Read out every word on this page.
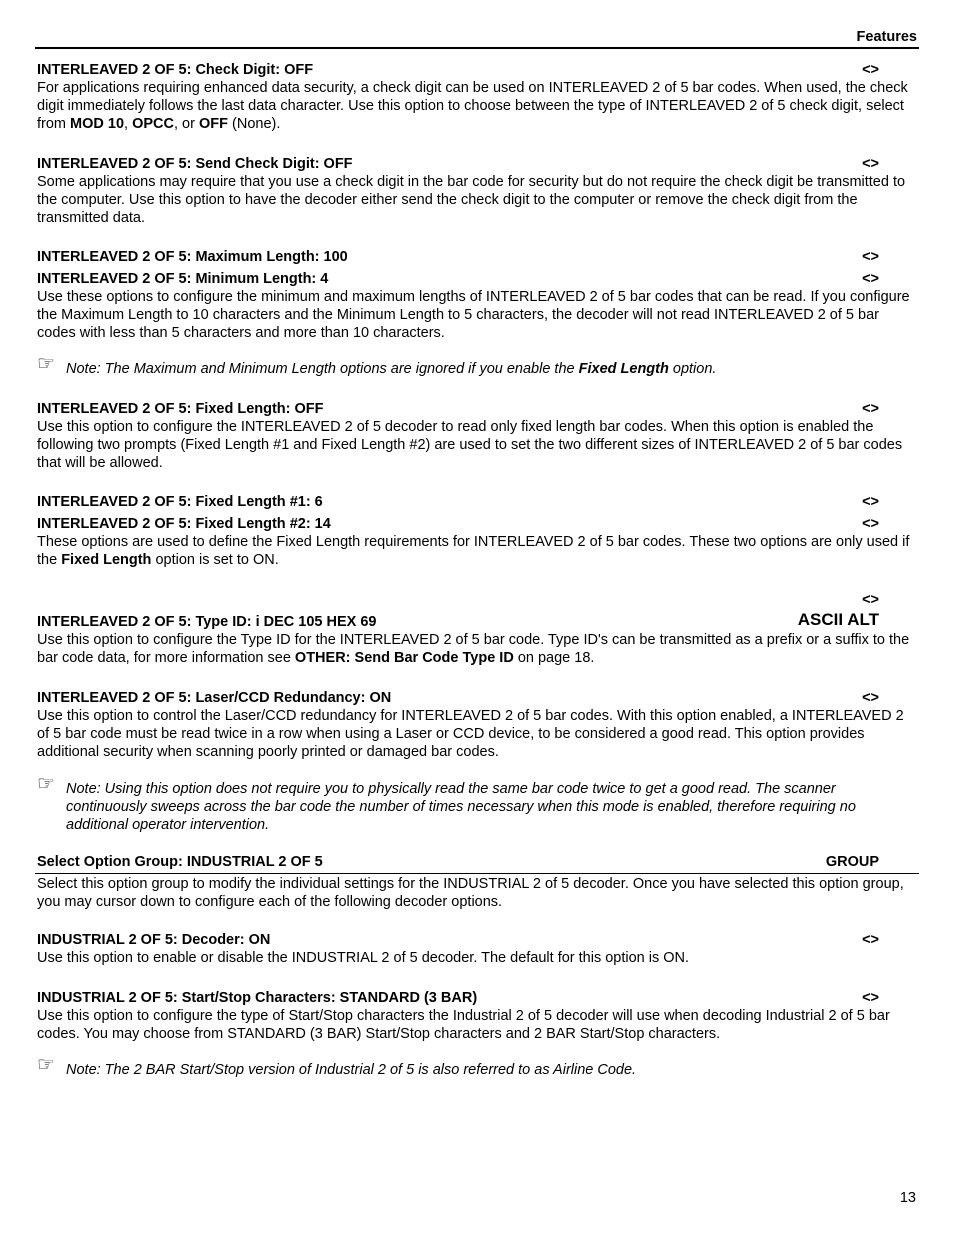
Features
INTERLEAVED 2 OF 5: Check Digit: OFF	<>
For applications requiring enhanced data security, a check digit can be used on INTERLEAVED 2 of 5 bar codes. When used, the check digit immediately follows the last data character. Use this option to choose between the type of INTERLEAVED 2 of 5 check digit, select from MOD 10, OPCC, or OFF (None).
INTERLEAVED 2 OF 5: Send Check Digit: OFF	<>
Some applications may require that you use a check digit in the bar code for security but do not require the check digit be transmitted to the computer. Use this option to have the decoder either send the check digit to the computer or remove the check digit from the transmitted data.
INTERLEAVED 2 OF 5: Maximum Length: 100	<>
INTERLEAVED 2 OF 5: Minimum Length: 4	<>
Use these options to configure the minimum and maximum lengths of INTERLEAVED 2 of 5 bar codes that can be read. If you configure the Maximum Length to 10 characters and the Minimum Length to 5 characters, the decoder will not read INTERLEAVED 2 of 5 bar codes with less than 5 characters and more than 10 characters.
☞ Note: The Maximum and Minimum Length options are ignored if you enable the Fixed Length option.
INTERLEAVED 2 OF 5: Fixed Length: OFF	<>
Use this option to configure the INTERLEAVED 2 of 5 decoder to read only fixed length bar codes. When this option is enabled the following two prompts (Fixed Length #1 and Fixed Length #2) are used to set the two different sizes of INTERLEAVED 2 of 5 bar codes that will be allowed.
INTERLEAVED 2 OF 5: Fixed Length #1: 6	<>
INTERLEAVED 2 OF 5: Fixed Length #2: 14	<>
These options are used to define the Fixed Length requirements for INTERLEAVED 2 of 5 bar codes. These two options are only used if the Fixed Length option is set to ON.
<>
INTERLEAVED 2 OF 5: Type ID: i DEC 105 HEX 69	ASCII ALT
Use this option to configure the Type ID for the INTERLEAVED 2 of 5 bar code. Type ID's can be transmitted as a prefix or a suffix to the bar code data, for more information see OTHER: Send Bar Code Type ID on page 18.
INTERLEAVED 2 OF 5: Laser/CCD Redundancy: ON	<>
Use this option to control the Laser/CCD redundancy for INTERLEAVED 2 of 5 bar codes. With this option enabled, a INTERLEAVED 2 of 5 bar code must be read twice in a row when using a Laser or CCD device, to be considered a good read. This option provides additional security when scanning poorly printed or damaged bar codes.
☞ Note: Using this option does not require you to physically read the same bar code twice to get a good read. The scanner continuously sweeps across the bar code the number of times necessary when this mode is enabled, therefore requiring no additional operator intervention.
Select Option Group: INDUSTRIAL 2 OF 5	GROUP
Select this option group to modify the individual settings for the INDUSTRIAL 2 of 5 decoder. Once you have selected this option group, you may cursor down to configure each of the following decoder options.
INDUSTRIAL 2 OF 5: Decoder: ON	<>
Use this option to enable or disable the INDUSTRIAL 2 of 5 decoder. The default for this option is ON.
INDUSTRIAL 2 OF 5: Start/Stop Characters: STANDARD (3 BAR)	<>
Use this option to configure the type of Start/Stop characters the Industrial 2 of 5 decoder will use when decoding Industrial 2 of 5 bar codes. You may choose from STANDARD (3 BAR) Start/Stop characters and 2 BAR Start/Stop characters.
☞ Note: The 2 BAR Start/Stop version of Industrial 2 of 5 is also referred to as Airline Code.
13
